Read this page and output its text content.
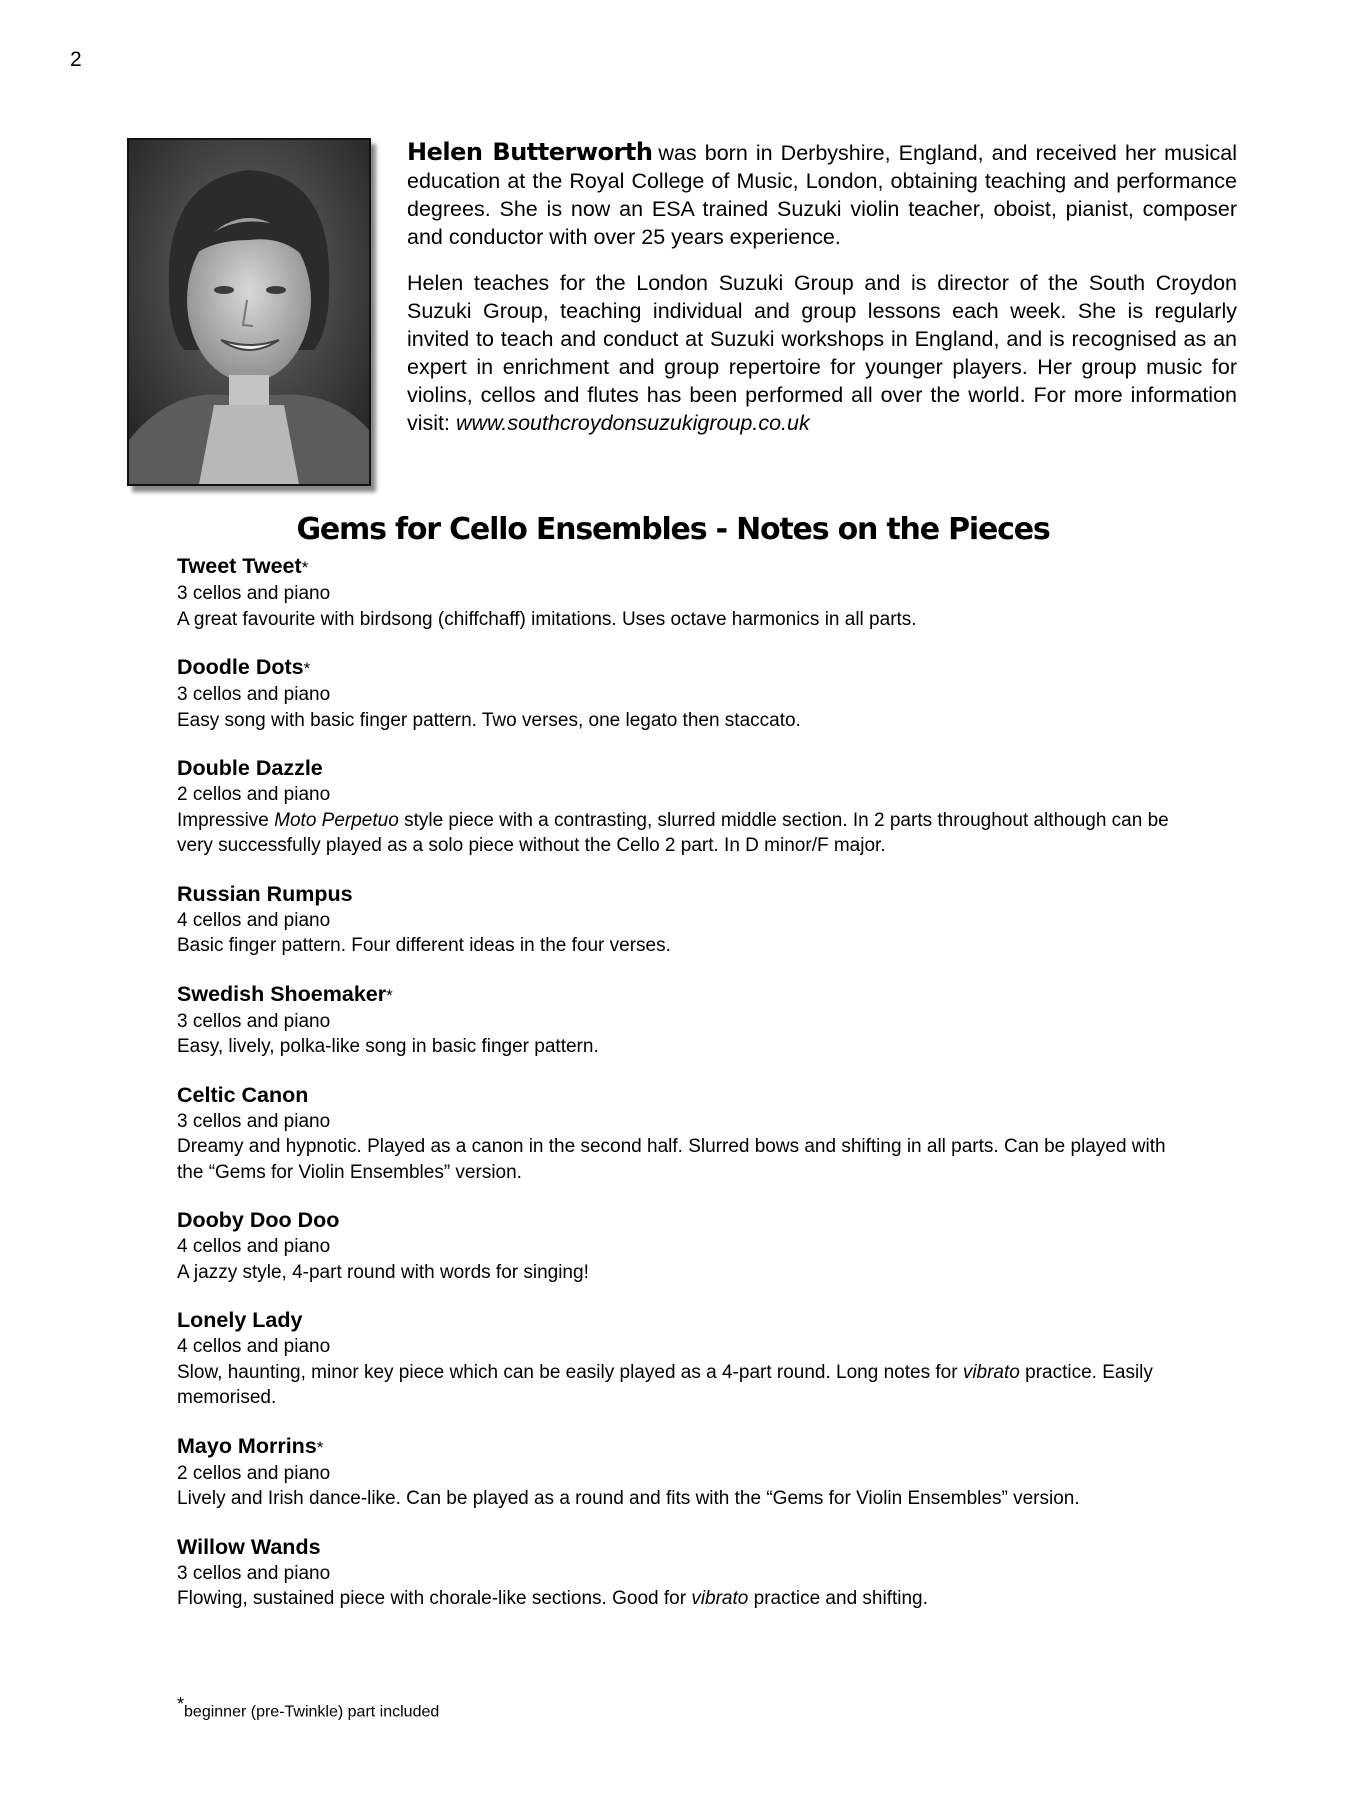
2

Helen Butterworth was born in Derbyshire, England, and received her musical education at the Royal College of Music, London, obtaining teaching and performance degrees. She is now an ESA trained Suzuki violin teacher, oboist, pianist, composer and conductor with over 25 years experience.

Helen teaches for the London Suzuki Group and is director of the South Croydon Suzuki Group, teaching individual and group lessons each week. She is regularly invited to teach and conduct at Suzuki workshops in England, and is recognised as an expert in enrichment and group repertoire for younger players. Her group music for violins, cellos and flutes has been performed all over the world. For more information visit: www.southcroydonsuzukigroup.co.uk

Gems for Cello Ensembles - Notes on the Pieces
Tweet Tweet*
3 cellos and piano
A great favourite with birdsong (chiffchaff) imitations. Uses octave harmonics in all parts.
Doodle Dots*
3 cellos and piano
Easy song with basic finger pattern. Two verses, one legato then staccato.
Double Dazzle
2 cellos and piano
Impressive Moto Perpetuo style piece with a contrasting, slurred middle section. In 2 parts throughout although can be very successfully played as a solo piece without the Cello 2 part. In D minor/F major.
Russian Rumpus
4 cellos and piano
Basic finger pattern. Four different ideas in the four verses.
Swedish Shoemaker*
3 cellos and piano
Easy, lively, polka-like song in basic finger pattern.
Celtic Canon
3 cellos and piano
Dreamy and hypnotic. Played as a canon in the second half. Slurred bows and shifting in all parts. Can be played with the “Gems for Violin Ensembles” version.
Dooby Doo Doo
4 cellos and piano
A jazzy style, 4-part round with words for singing!
Lonely Lady
4 cellos and piano
Slow, haunting, minor key piece which can be easily played as a 4-part round. Long notes for vibrato practice. Easily memorised.
Mayo Morrins*
2 cellos and piano
Lively and Irish dance-like. Can be played as a round and fits with the “Gems for Violin Ensembles” version.
Willow Wands
3 cellos and piano
Flowing, sustained piece with chorale-like sections. Good for vibrato practice and shifting.
*beginner (pre-Twinkle) part included
